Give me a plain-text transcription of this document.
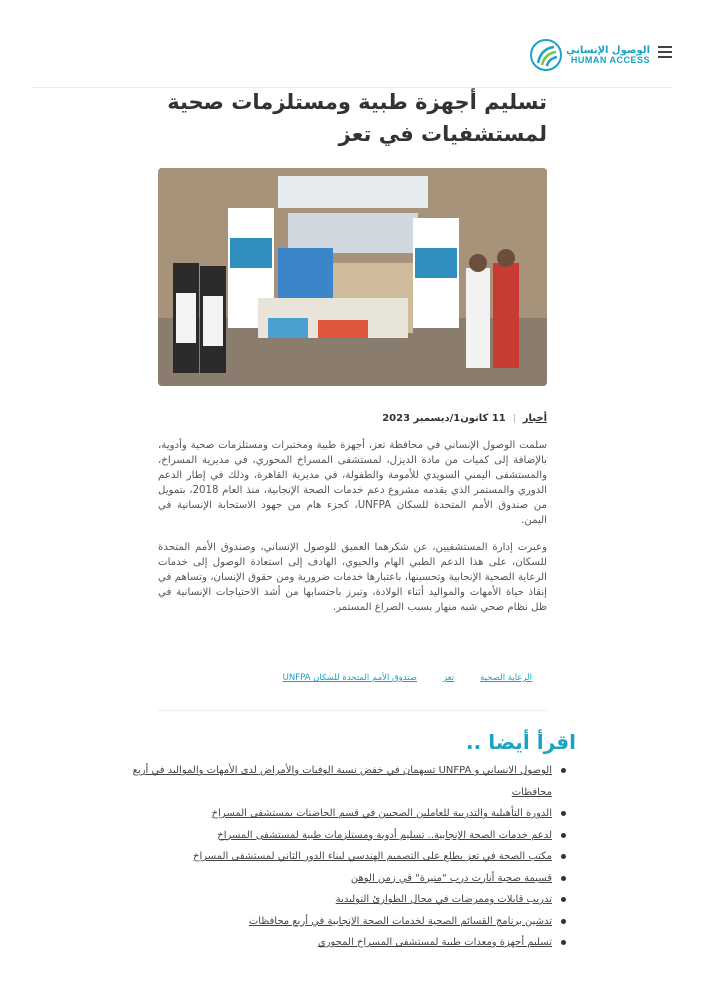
الوصول الإنساني
HUMAN ACCESS
تسليم أجهزة طبية ومستلزمات صحية لمستشفيات في تعز
أخبار
11 كانون1/ديسمبر 2023

سلمت الوصول الإنساني في محافظة تعز، أجهزة طبية ومختبرات ومستلزمات صحية وأدوية، بالإضافة إلى كميات من مادة الديزل، لمستشفى المسراخ المحوري، في مديرية المسراخ، والمستشفى اليمني السويدي للأمومة والطفولة، في مديرية القاهرة، وذلك في إطار الدعم الدوري والمستمر الذي يقدمه مشروع دعم خدمات الصحة الإنجابية، منذ العام 2018، بتمويل من صندوق الأمم المتحدة للسكان UNFPA، كجزء هام من جهود الاستجابة الإنسانية في اليمن.

وعبرت إدارة المستشفيين، عن شكرهما العميق للوصول الإنساني، وصندوق الأمم المتحدة للسكان، على هذا الدعم الطبي الهام والحيوي، الهادف إلى استعادة الوصول إلى خدمات الرعاية الصحية الإنجابية وتحسينها، باعتبارها خدمات ضرورية ومن حقوق الإنسان، وتساهم في إنقاذ حياة الأمهات والمواليد أثناء الولادة، وتبرز باحتسابها من أشد الاحتياجات الإنسانية في ظل نظام صحي شبه منهار بسبب الصراع المستمر.

الرعاية الصحية
تعز
صندوق الأمم المتحدة للسكان UNFPA
اقرأ أيضا ..
الوصول الانساني و UNFPA تسهمان في خفض نسبة الوفيات والأمراض لدى الأمهات والمواليد في أربع محافظات
الدورة التأهيلية والتدريبة للعاملين الصحيين في قسم الحاضنات بمستشفى المسراخ
لدعم خدمات الصحة الإنجابية.. تسليم أدوية ومستلزمات طبية لمستشفى المسراخ
مكتب الصحة في تعز يطلع على التصميم الهندسي لبناء الدور الثاني لمستشفى المسراخ
قسيمة صحية أنارت درب "منيرة" في زمن الوهن
تدريب قابلات وممرضات في مجال الطوارئ التوليدية
تدشين برنامج القسائم الصحية لخدمات الصحة الإنجابية في أربع محافظات
تسليم أجهزة ومعدات طبية لمستشفى المسراخ المحوري
